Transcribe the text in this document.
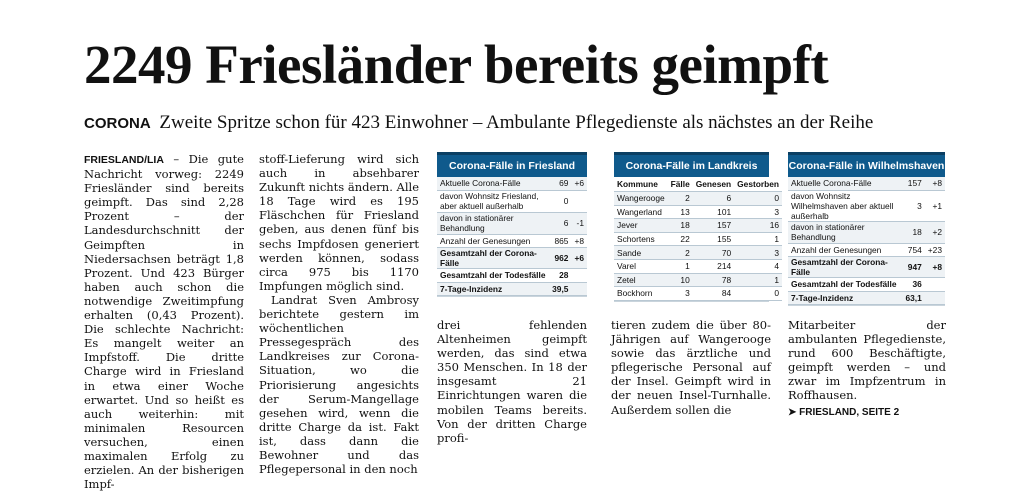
2249 Friesländer bereits geimpft
CORONA Zweite Spritze schon für 423 Einwohner – Ambulante Pflegedienste als nächstes an der Reihe

FRIESLAND/LIA – Die gute Nachricht vorweg: 2249 Friesländer sind bereits geimpft. Das sind 2,28 Prozent – der Landesdurchschnitt der Geimpften in Niedersachsen beträgt 1,8 Prozent. Und 423 Bürger haben auch schon die notwendige Zweitimpfung erhalten (0,43 Prozent). Die schlechte Nachricht: Es mangelt weiter an Impfstoff. Die dritte Charge wird in Friesland in etwa einer Woche erwartet. Und so heißt es auch weiterhin: mit minimalen Resourcen versuchen, einen maximalen Erfolg zu erzielen. An der bisherigen Impf-

stoff-Lieferung wird sich auch in absehbarer Zukunft nichts ändern. Alle 18 Tage wird es 195 Fläschchen für Friesland geben, aus denen fünf bis sechs Impfdosen generiert werden können, sodass circa 975 bis 1170 Impfungen möglich sind.

Landrat Sven Ambrosy berichtete gestern im wöchentlichen Pressegespräch des Landkreises zur Corona-Situation, wo die Priorisierung angesichts der Serum-Mangellage gesehen wird, wenn die dritte Charge da ist. Fakt ist, dass dann die Bewohner und das Pflegepersonal in den noch

drei fehlenden Altenheimen geimpft werden, das sind etwa 350 Menschen. In 18 der insgesamt 21 Einrichtungen waren die mobilen Teams bereits. Von der dritten Charge profi-

tieren zudem die über 80-Jährigen auf Wangerooge sowie das ärztliche und pflegerische Personal auf der Insel. Geimpft wird in der neuen Insel-Turnhalle. Außerdem sollen die

Mitarbeiter der ambulanten Pflegedienste, rund 600 Beschäftigte, geimpft werden – und zwar im Impfzentrum in Roffhausen.

➤ FRIESLAND, SEITE 2

Corona-Fälle in Friesland
Aktuelle Corona-Fälle	69	+6
davon Wohnsitz Friesland, aber aktuell außerhalb	0	
davon in stationärer Behandlung	6	-1
Anzahl der Genesungen	865	+8
Gesamtzahl der Corona-Fälle	962	+6
Gesamtzahl der Todesfälle	28	
7-Tage-Inzidenz	39,5	
Corona-Fälle im Landkreis
Kommune	Fälle	Genesen	Gestorben
Wangerooge	2	6	0
Wangerland	13	101	3
Jever	18	157	16
Schortens	22	155	1
Sande	2	70	3
Varel	1	214	4
Zetel	10	78	1
Bockhorn	3	84	0
Corona-Fälle in Wilhelmshaven
Aktuelle Corona-Fälle	157	+8
davon Wohnsitz Wilhelmshaven aber aktuell außerhalb	3	+1
davon in stationärer Behandlung	18	+2
Anzahl der Genesungen	754	+23
Gesamtzahl der Corona-Fälle	947	+8
Gesamtzahl der Todesfälle	36	
7-Tage-Inzidenz	63,1	
